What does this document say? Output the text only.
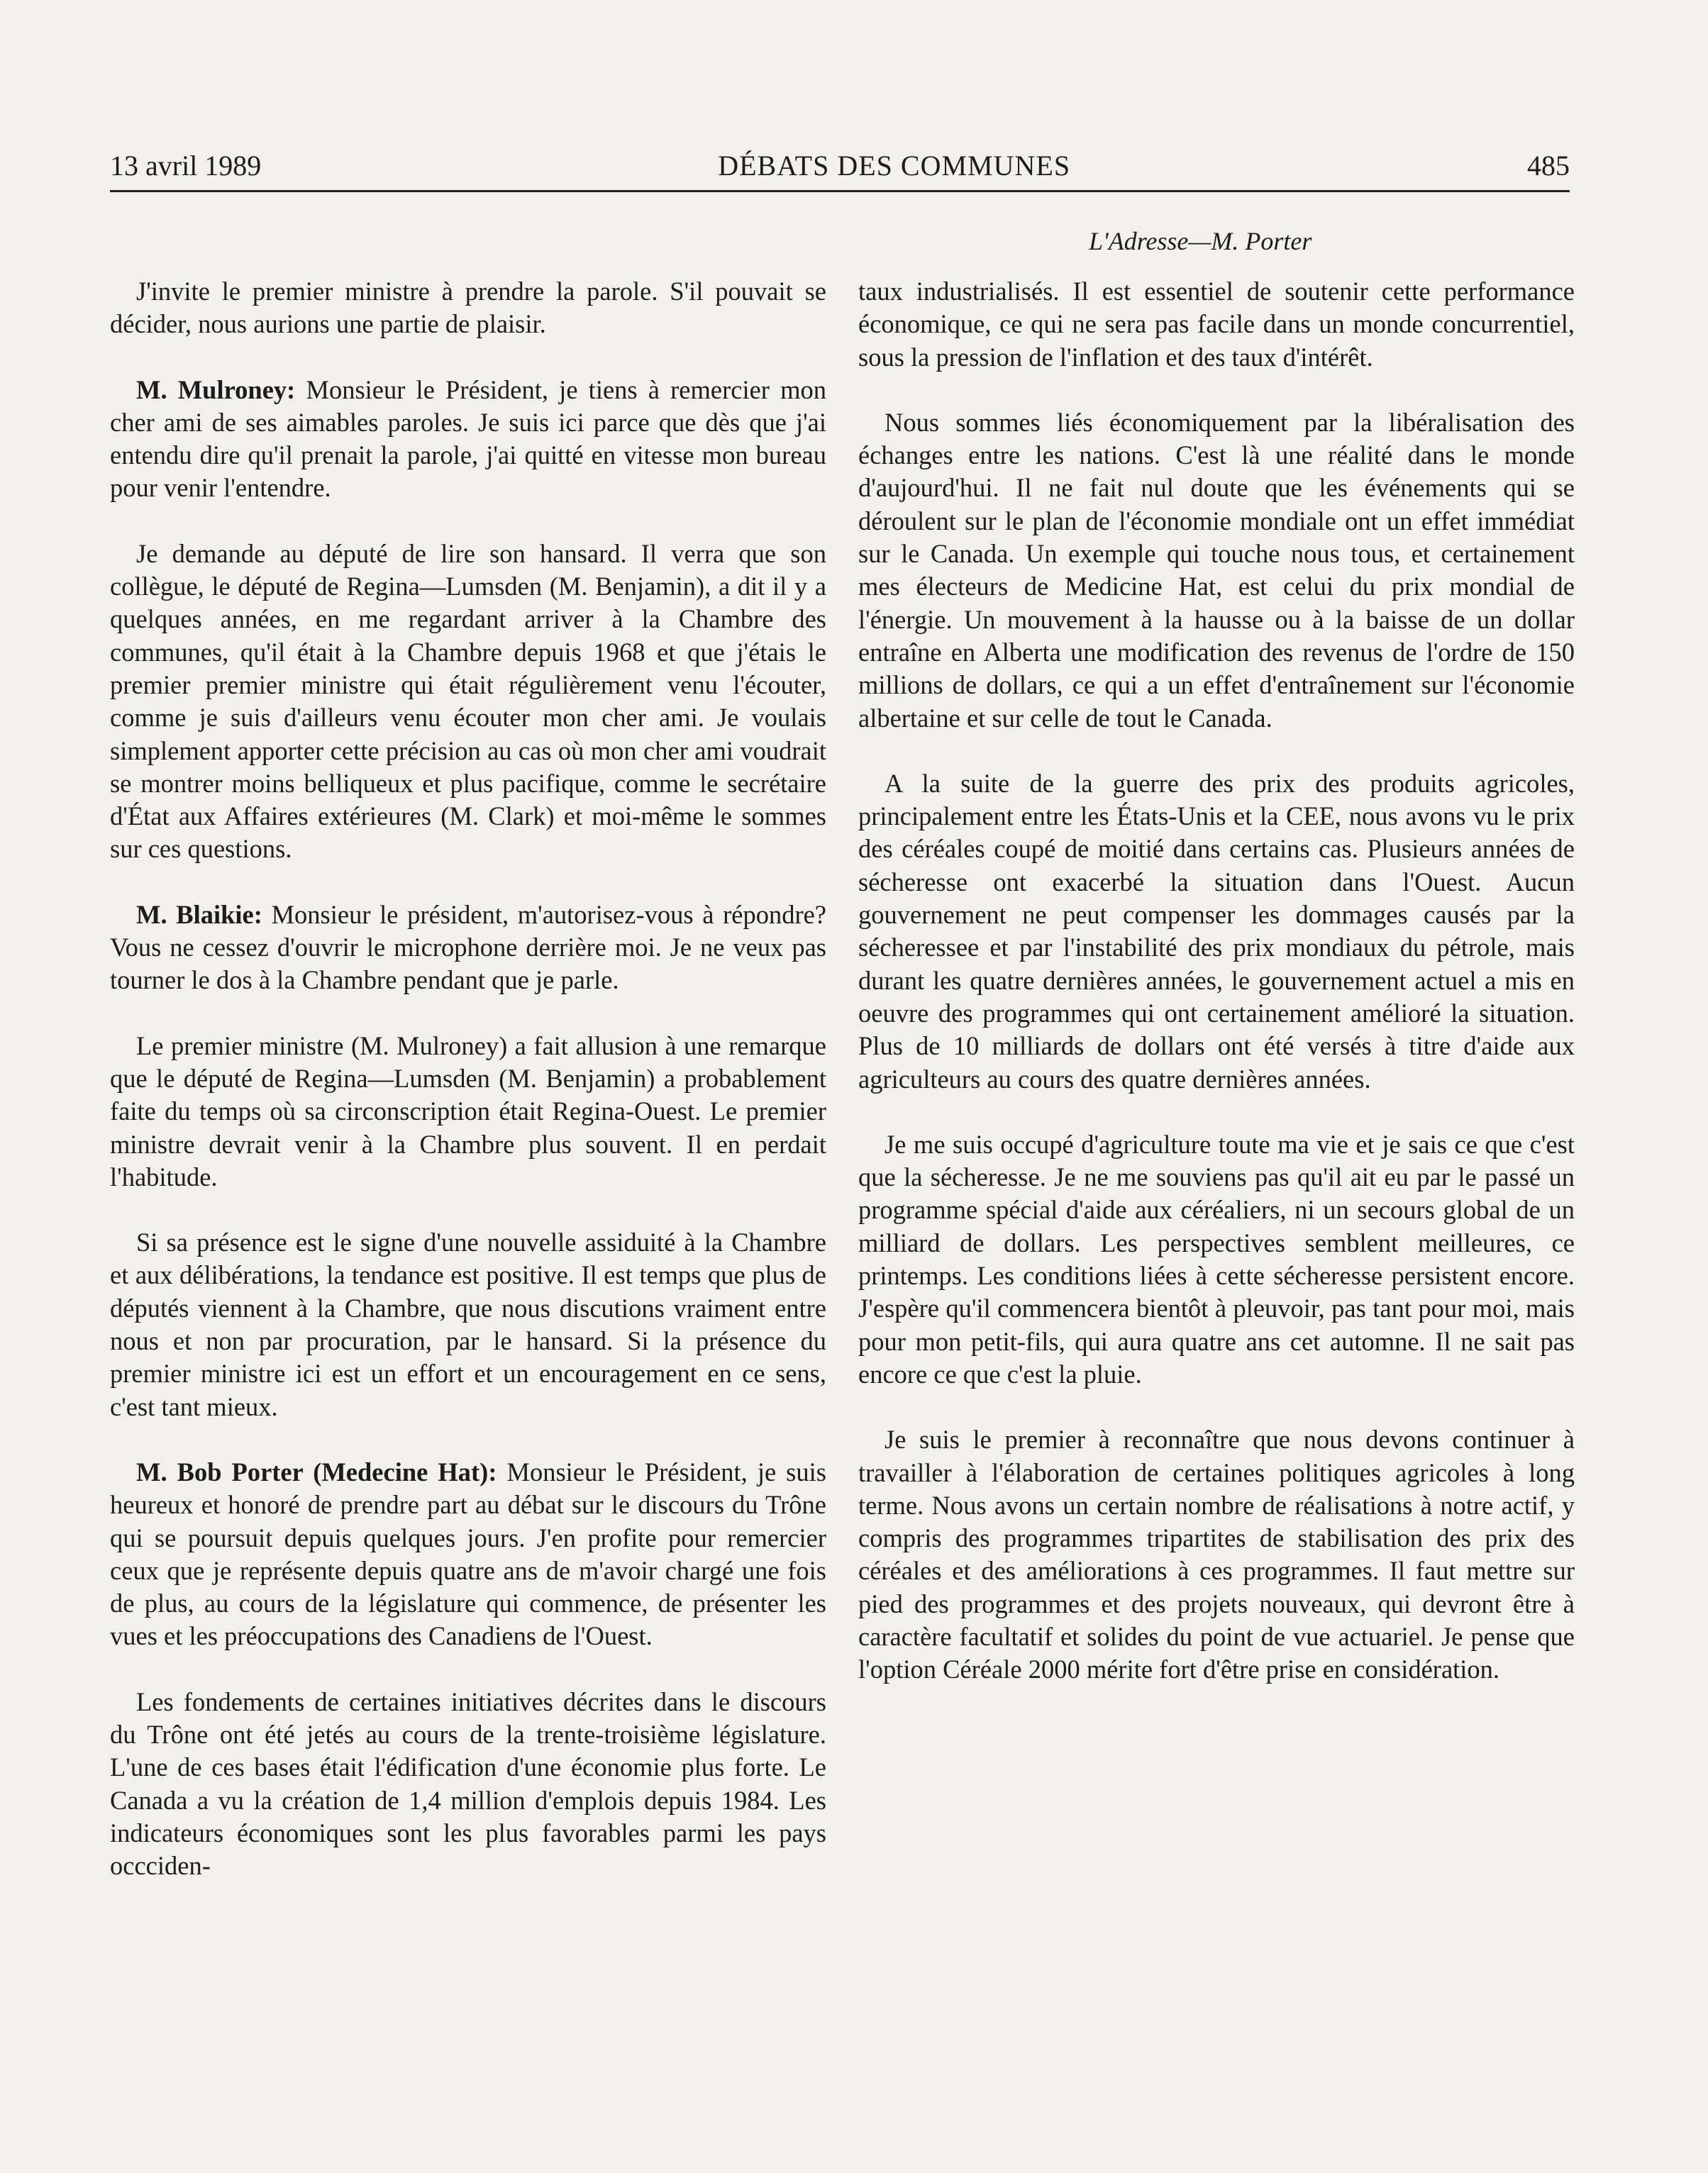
13 avril 1989	DÉBATS DES COMMUNES	485
L'Adresse—M. Porter

J'invite le premier ministre à prendre la parole. S'il pouvait se décider, nous aurions une partie de plaisir.

M. Mulroney: Monsieur le Président, je tiens à remercier mon cher ami de ses aimables paroles. Je suis ici parce que dès que j'ai entendu dire qu'il prenait la parole, j'ai quitté en vitesse mon bureau pour venir l'entendre.

Je demande au député de lire son hansard. Il verra que son collègue, le député de Regina—Lumsden (M. Benjamin), a dit il y a quelques années, en me regardant arriver à la Chambre des communes, qu'il était à la Chambre depuis 1968 et que j'étais le premier premier ministre qui était régulièrement venu l'écouter, comme je suis d'ailleurs venu écouter mon cher ami. Je voulais simplement apporter cette précision au cas où mon cher ami voudrait se montrer moins belliqueux et plus pacifique, comme le secrétaire d'État aux Affaires extérieures (M. Clark) et moi-même le sommes sur ces questions.

M. Blaikie: Monsieur le président, m'autorisez-vous à répondre? Vous ne cessez d'ouvrir le microphone derrière moi. Je ne veux pas tourner le dos à la Chambre pendant que je parle.

Le premier ministre (M. Mulroney) a fait allusion à une remarque que le député de Regina—Lumsden (M. Benjamin) a probablement faite du temps où sa circonscription était Regina-Ouest. Le premier ministre devrait venir à la Chambre plus souvent. Il en perdait l'habitude.

Si sa présence est le signe d'une nouvelle assiduité à la Chambre et aux délibérations, la tendance est positive. Il est temps que plus de députés viennent à la Chambre, que nous discutions vraiment entre nous et non par procuration, par le hansard. Si la présence du premier ministre ici est un effort et un encouragement en ce sens, c'est tant mieux.

M. Bob Porter (Medecine Hat): Monsieur le Président, je suis heureux et honoré de prendre part au débat sur le discours du Trône qui se poursuit depuis quelques jours. J'en profite pour remercier ceux que je représente depuis quatre ans de m'avoir chargé une fois de plus, au cours de la législature qui commence, de présenter les vues et les préoccupations des Canadiens de l'Ouest.

Les fondements de certaines initiatives décrites dans le discours du Trône ont été jetés au cours de la trente-troisième législature. L'une de ces bases était l'édification d'une économie plus forte. Le Canada a vu la création de 1,4 million d'emplois depuis 1984. Les indicateurs économiques sont les plus favorables parmi les pays occciden-

taux industrialisés. Il est essentiel de soutenir cette performance économique, ce qui ne sera pas facile dans un monde concurrentiel, sous la pression de l'inflation et des taux d'intérêt.

Nous sommes liés économiquement par la libéralisation des échanges entre les nations. C'est là une réalité dans le monde d'aujourd'hui. Il ne fait nul doute que les événements qui se déroulent sur le plan de l'économie mondiale ont un effet immédiat sur le Canada. Un exemple qui touche nous tous, et certainement mes électeurs de Medicine Hat, est celui du prix mondial de l'énergie. Un mouvement à la hausse ou à la baisse de un dollar entraîne en Alberta une modification des revenus de l'ordre de 150 millions de dollars, ce qui a un effet d'entraînement sur l'économie albertaine et sur celle de tout le Canada.

A la suite de la guerre des prix des produits agricoles, principalement entre les États-Unis et la CEE, nous avons vu le prix des céréales coupé de moitié dans certains cas. Plusieurs années de sécheresse ont exacerbé la situation dans l'Ouest. Aucun gouvernement ne peut compenser les dommages causés par la sécheressee et par l'instabilité des prix mondiaux du pétrole, mais durant les quatre dernières années, le gouvernement actuel a mis en oeuvre des programmes qui ont certainement amélioré la situation. Plus de 10 milliards de dollars ont été versés à titre d'aide aux agriculteurs au cours des quatre dernières années.

Je me suis occupé d'agriculture toute ma vie et je sais ce que c'est que la sécheresse. Je ne me souviens pas qu'il ait eu par le passé un programme spécial d'aide aux céréaliers, ni un secours global de un milliard de dollars. Les perspectives semblent meilleures, ce printemps. Les conditions liées à cette sécheresse persistent encore. J'espère qu'il commencera bientôt à pleuvoir, pas tant pour moi, mais pour mon petit-fils, qui aura quatre ans cet automne. Il ne sait pas encore ce que c'est la pluie.

Je suis le premier à reconnaître que nous devons continuer à travailler à l'élaboration de certaines politiques agricoles à long terme. Nous avons un certain nombre de réalisations à notre actif, y compris des programmes tripartites de stabilisation des prix des céréales et des améliorations à ces programmes. Il faut mettre sur pied des programmes et des projets nouveaux, qui devront être à caractère facultatif et solides du point de vue actuariel. Je pense que l'option Céréale 2000 mérite fort d'être prise en considération.
